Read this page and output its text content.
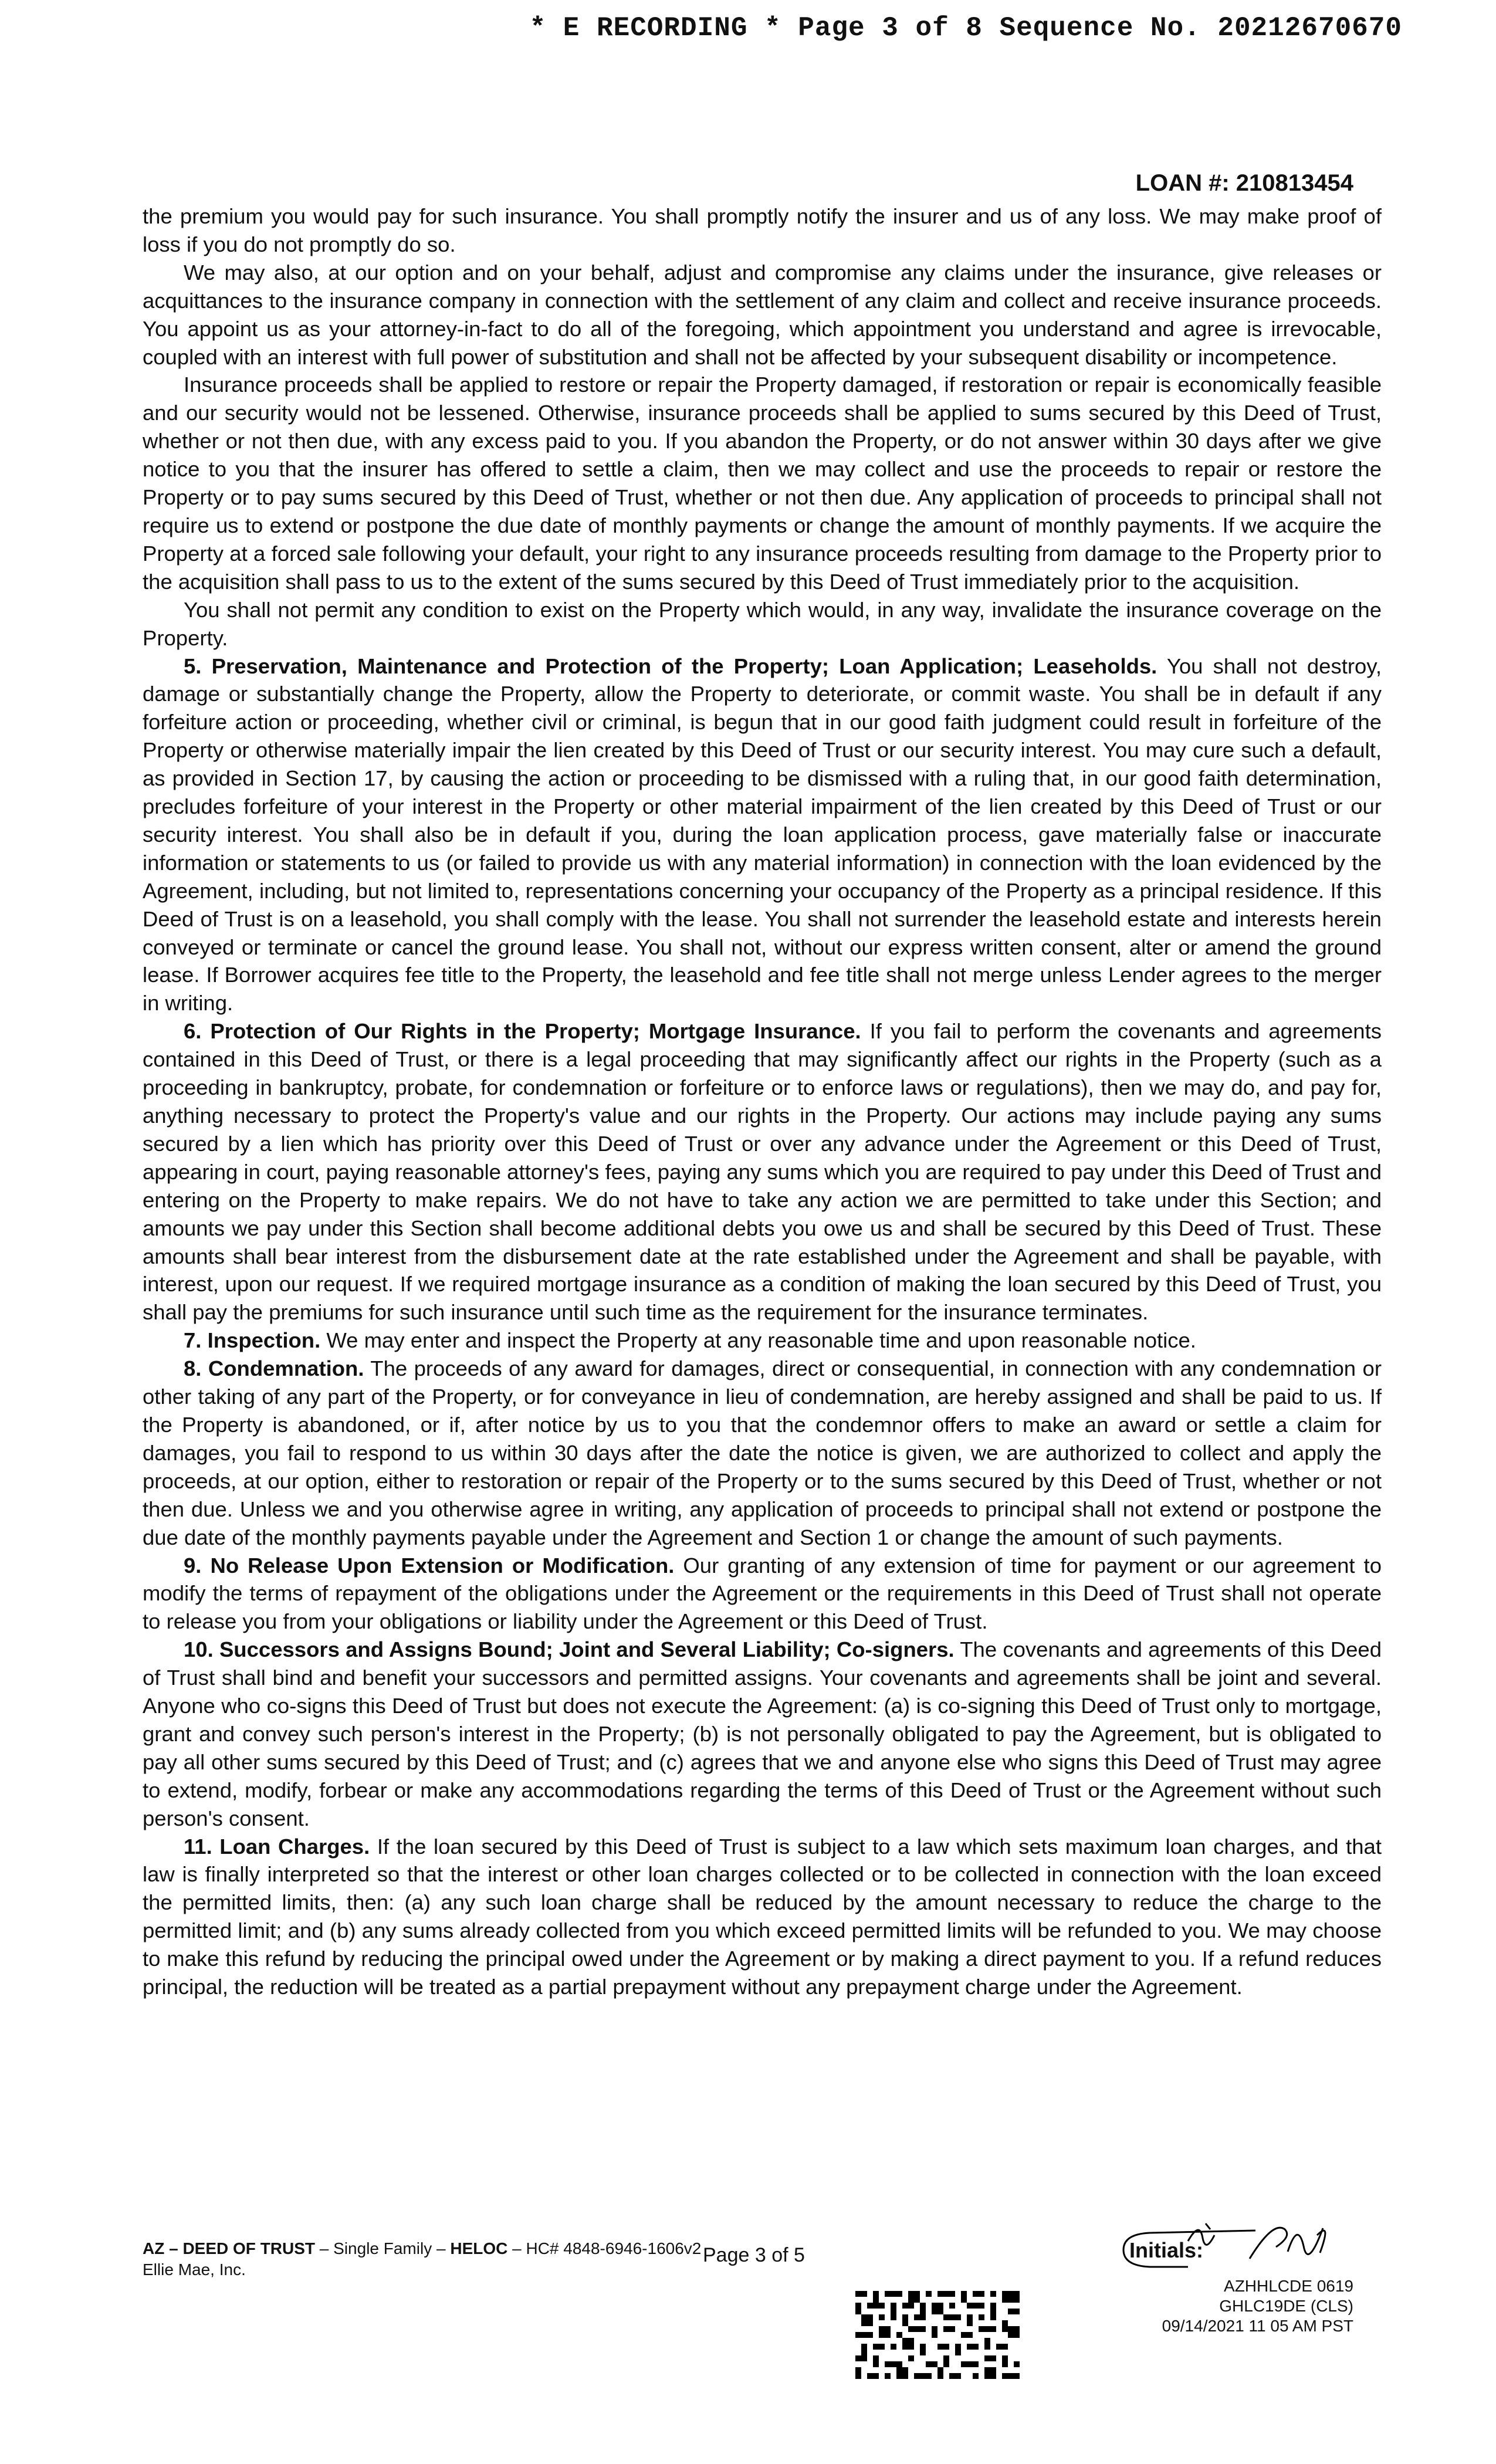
* E RECORDING * Page 3 of 8 Sequence No. 20212670670
LOAN #: 210813454

the premium you would pay for such insurance. You shall promptly notify the insurer and us of any loss. We may make proof of loss if you do not promptly do so.

We may also, at our option and on your behalf, adjust and compromise any claims under the insurance, give releases or acquittances to the insurance company in connection with the settlement of any claim and collect and receive insurance proceeds. You appoint us as your attorney-in-fact to do all of the foregoing, which appointment you understand and agree is irrevocable, coupled with an interest with full power of substitution and shall not be affected by your subsequent disability or incompetence.

Insurance proceeds shall be applied to restore or repair the Property damaged, if restoration or repair is economically feasible and our security would not be lessened. Otherwise, insurance proceeds shall be applied to sums secured by this Deed of Trust, whether or not then due, with any excess paid to you. If you abandon the Property, or do not answer within 30 days after we give notice to you that the insurer has offered to settle a claim, then we may collect and use the proceeds to repair or restore the Property or to pay sums secured by this Deed of Trust, whether or not then due. Any application of proceeds to principal shall not require us to extend or postpone the due date of monthly payments or change the amount of monthly payments. If we acquire the Property at a forced sale following your default, your right to any insurance proceeds resulting from damage to the Property prior to the acquisition shall pass to us to the extent of the sums secured by this Deed of Trust immediately prior to the acquisition.

You shall not permit any condition to exist on the Property which would, in any way, invalidate the insurance coverage on the Property.

5. Preservation, Maintenance and Protection of the Property; Loan Application; Leaseholds. You shall not destroy, damage or substantially change the Property, allow the Property to deteriorate, or commit waste. You shall be in default if any forfeiture action or proceeding, whether civil or criminal, is begun that in our good faith judgment could result in forfeiture of the Property or otherwise materially impair the lien created by this Deed of Trust or our security interest. You may cure such a default, as provided in Section 17, by causing the action or proceeding to be dismissed with a ruling that, in our good faith determination, precludes forfeiture of your interest in the Property or other material impairment of the lien created by this Deed of Trust or our security interest. You shall also be in default if you, during the loan application process, gave materially false or inaccurate information or statements to us (or failed to provide us with any material information) in connection with the loan evidenced by the Agreement, including, but not limited to, representations concerning your occupancy of the Property as a principal residence. If this Deed of Trust is on a leasehold, you shall comply with the lease. You shall not surrender the leasehold estate and interests herein conveyed or terminate or cancel the ground lease. You shall not, without our express written consent, alter or amend the ground lease. If Borrower acquires fee title to the Property, the leasehold and fee title shall not merge unless Lender agrees to the merger in writing.

6. Protection of Our Rights in the Property; Mortgage Insurance. If you fail to perform the covenants and agreements contained in this Deed of Trust, or there is a legal proceeding that may significantly affect our rights in the Property (such as a proceeding in bankruptcy, probate, for condemnation or forfeiture or to enforce laws or regulations), then we may do, and pay for, anything necessary to protect the Property's value and our rights in the Property. Our actions may include paying any sums secured by a lien which has priority over this Deed of Trust or over any advance under the Agreement or this Deed of Trust, appearing in court, paying reasonable attorney's fees, paying any sums which you are required to pay under this Deed of Trust and entering on the Property to make repairs. We do not have to take any action we are permitted to take under this Section; and amounts we pay under this Section shall become additional debts you owe us and shall be secured by this Deed of Trust. These amounts shall bear interest from the disbursement date at the rate established under the Agreement and shall be payable, with interest, upon our request. If we required mortgage insurance as a condition of making the loan secured by this Deed of Trust, you shall pay the premiums for such insurance until such time as the requirement for the insurance terminates.

7. Inspection. We may enter and inspect the Property at any reasonable time and upon reasonable notice.

8. Condemnation. The proceeds of any award for damages, direct or consequential, in connection with any condemnation or other taking of any part of the Property, or for conveyance in lieu of condemnation, are hereby assigned and shall be paid to us. If the Property is abandoned, or if, after notice by us to you that the condemnor offers to make an award or settle a claim for damages, you fail to respond to us within 30 days after the date the notice is given, we are authorized to collect and apply the proceeds, at our option, either to restoration or repair of the Property or to the sums secured by this Deed of Trust, whether or not then due. Unless we and you otherwise agree in writing, any application of proceeds to principal shall not extend or postpone the due date of the monthly payments payable under the Agreement and Section 1 or change the amount of such payments.

9. No Release Upon Extension or Modification. Our granting of any extension of time for payment or our agreement to modify the terms of repayment of the obligations under the Agreement or the requirements in this Deed of Trust shall not operate to release you from your obligations or liability under the Agreement or this Deed of Trust.

10. Successors and Assigns Bound; Joint and Several Liability; Co-signers. The covenants and agreements of this Deed of Trust shall bind and benefit your successors and permitted assigns. Your covenants and agreements shall be joint and several. Anyone who co-signs this Deed of Trust but does not execute the Agreement: (a) is co-signing this Deed of Trust only to mortgage, grant and convey such person's interest in the Property; (b) is not personally obligated to pay the Agreement, but is obligated to pay all other sums secured by this Deed of Trust; and (c) agrees that we and anyone else who signs this Deed of Trust may agree to extend, modify, forbear or make any accommodations regarding the terms of this Deed of Trust or the Agreement without such person's consent.

11. Loan Charges. If the loan secured by this Deed of Trust is subject to a law which sets maximum loan charges, and that law is finally interpreted so that the interest or other loan charges collected or to be collected in connection with the loan exceed the permitted limits, then: (a) any such loan charge shall be reduced by the amount necessary to reduce the charge to the permitted limit; and (b) any sums already collected from you which exceed permitted limits will be refunded to you. We may choose to make this refund by reducing the principal owed under the Agreement or by making a direct payment to you. If a refund reduces principal, the reduction will be treated as a partial prepayment without any prepayment charge under the Agreement.

AZ – DEED OF TRUST – Single Family – HELOC – HC# 4848-6946-1606v2
Ellie Mae, Inc.
Page 3 of 5	Initials:
AZHHLCDE 0619
GHLC19DE (CLS)
09/14/2021 11 05 AM PST
